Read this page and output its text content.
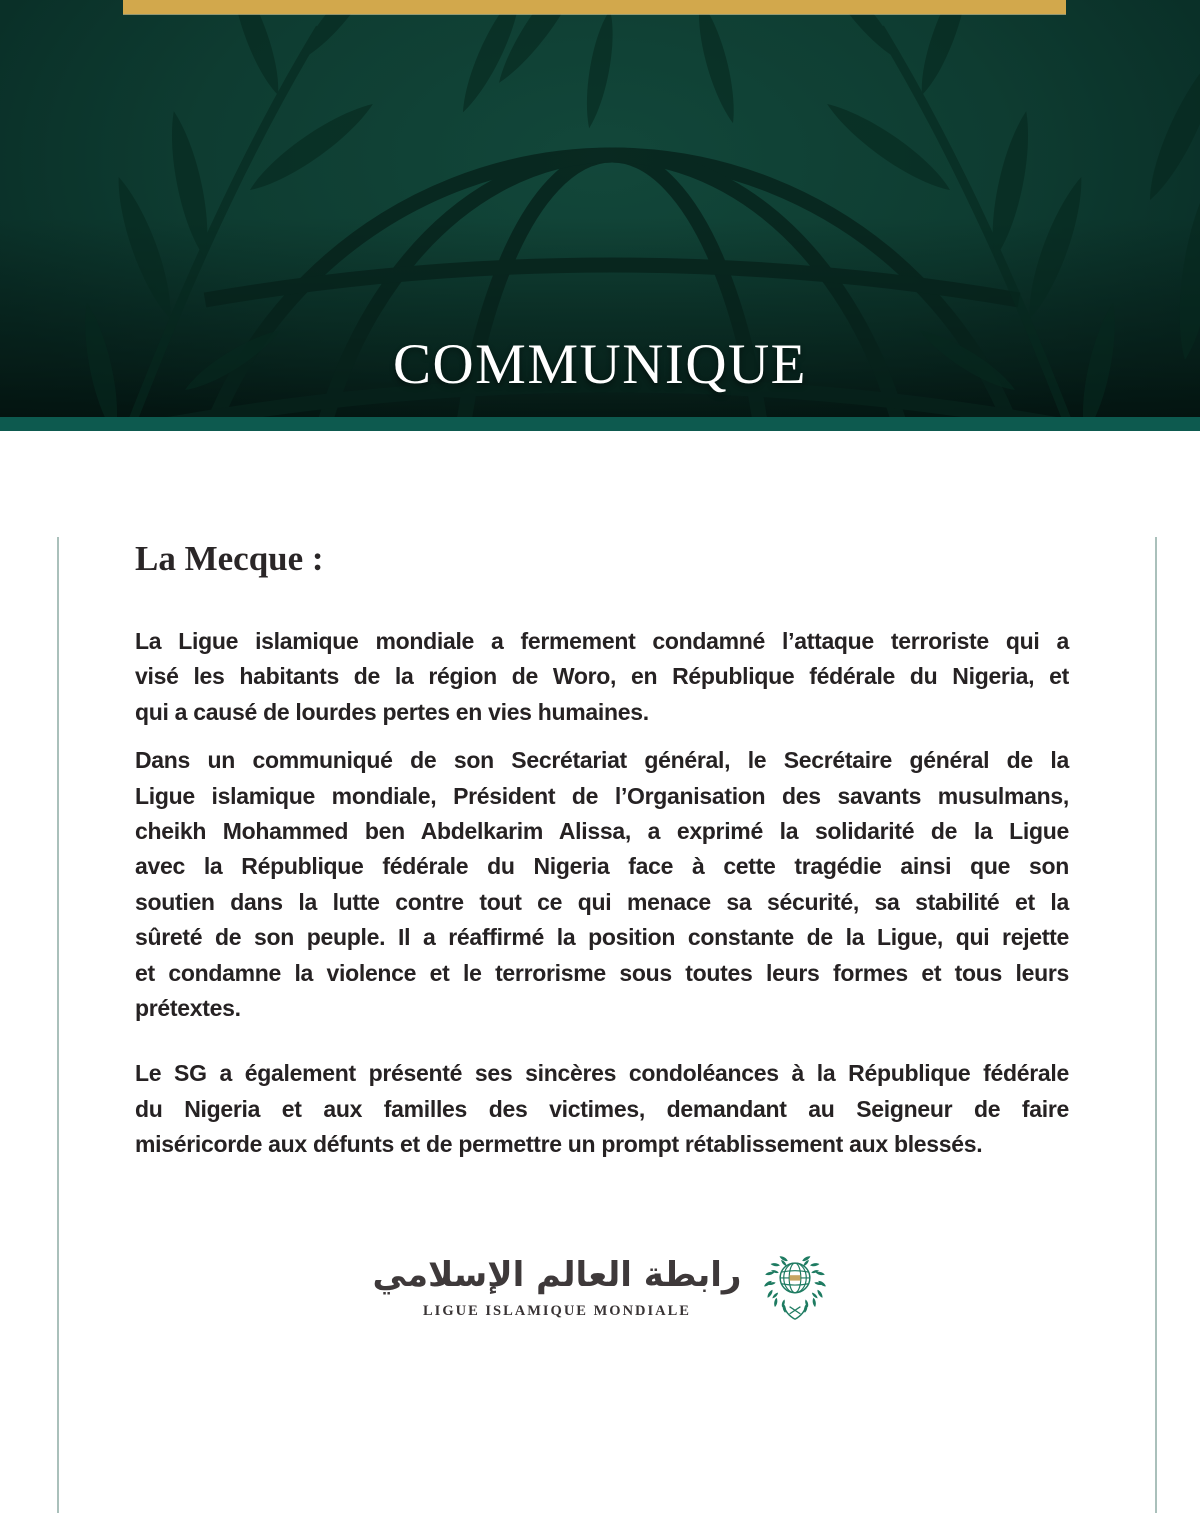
COMMUNIQUE
La Mecque :

La Ligue islamique mondiale a fermement condamné l’attaque terroriste qui a
visé les habitants de la région de Woro, en République fédérale du Nigeria, et
qui a causé de lourdes pertes en vies humaines.

Dans un communiqué de son Secrétariat général, le Secrétaire général de la
Ligue islamique mondiale, Président de l’Organisation des savants musulmans,
cheikh Mohammed ben Abdelkarim Alissa, a exprimé la solidarité de la Ligue
avec la République fédérale du Nigeria face à cette tragédie ainsi que son
soutien dans la lutte contre tout ce qui menace sa sécurité, sa stabilité et la
sûreté de son peuple. Il a réaffirmé la position constante de la Ligue, qui rejette
et condamne la violence et le terrorisme sous toutes leurs formes et tous leurs
prétextes.

Le SG a également présenté ses sincères condoléances à la République fédérale
du Nigeria et aux familles des victimes, demandant au Seigneur de faire
miséricorde aux défunts et de permettre un prompt rétablissement aux blessés.

رابطة العالم الإسلامي
LIGUE ISLAMIQUE MONDIALE
